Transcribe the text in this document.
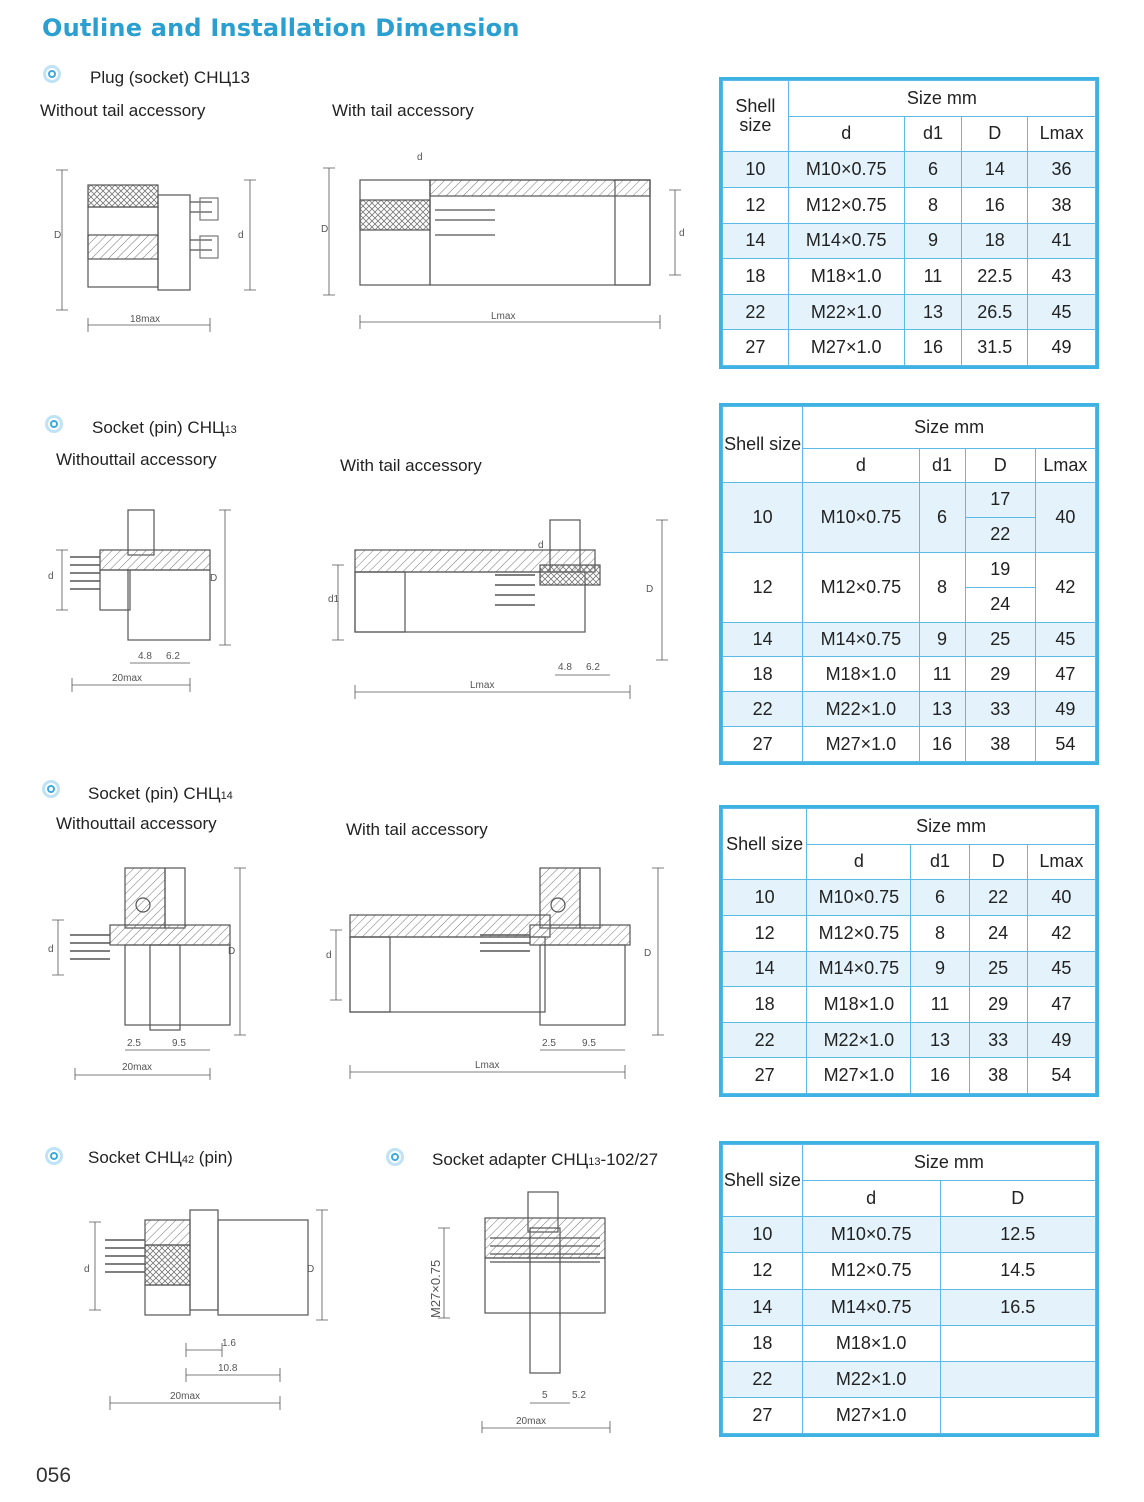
Outline and Installation Dimension
Plug (socket) СНЦ13
Without tail accessory	With tail accessory
D	d
18max
D
d
d
Lmax
Shell size	Size mm			
	d	d1	D	Lmax
10	M10×0.75	6	14	36
12	M12×0.75	8	16	38
14	M14×0.75	9	18	41
18	M18×1.0	11	22.5	43
22	M22×1.0	13	26.5	45
27	M27×1.0	16	31.5	49
Socket (pin) СНЦ13
Withouttail accessory	With tail accessory
d	D
4.8 6.2
20max
d1
d
D
4.8 6.2
Lmax
Shell size	Size mm			
	d	d1	D	Lmax
10	M10×0.75	6	17	40
			22	
12	M12×0.75	8	19	42
			24	
14	M14×0.75	9	25	45
18	M18×1.0	11	29	47
22	M22×1.0	13	33	49
27	M27×1.0	16	38	54
Socket (pin) СНЦ14
Withouttail accessory	With tail accessory
d	D
2.5	9.5
20max
d	D
2.5	9.5
Lmax
Shell size	Size mm			
	d	d1	D	Lmax
10	M10×0.75	6	22	40
12	M12×0.75	8	24	42
14	M14×0.75	9	25	45
18	M18×1.0	11	29	47
22	M22×1.0	13	33	49
27	M27×1.0	16	38	54
Socket СНЦ42 (pin)	Socket adapter СНЦ13-102/27
d	D
1.6
10.8
20max
M27×0.75
5 5.2
20max
Shell size	Size mm	
	d	D
10	M10×0.75	12.5
12	M12×0.75	14.5
14	M14×0.75	16.5
18	M18×1.0	
22	M22×1.0	
27	M27×1.0	
056
